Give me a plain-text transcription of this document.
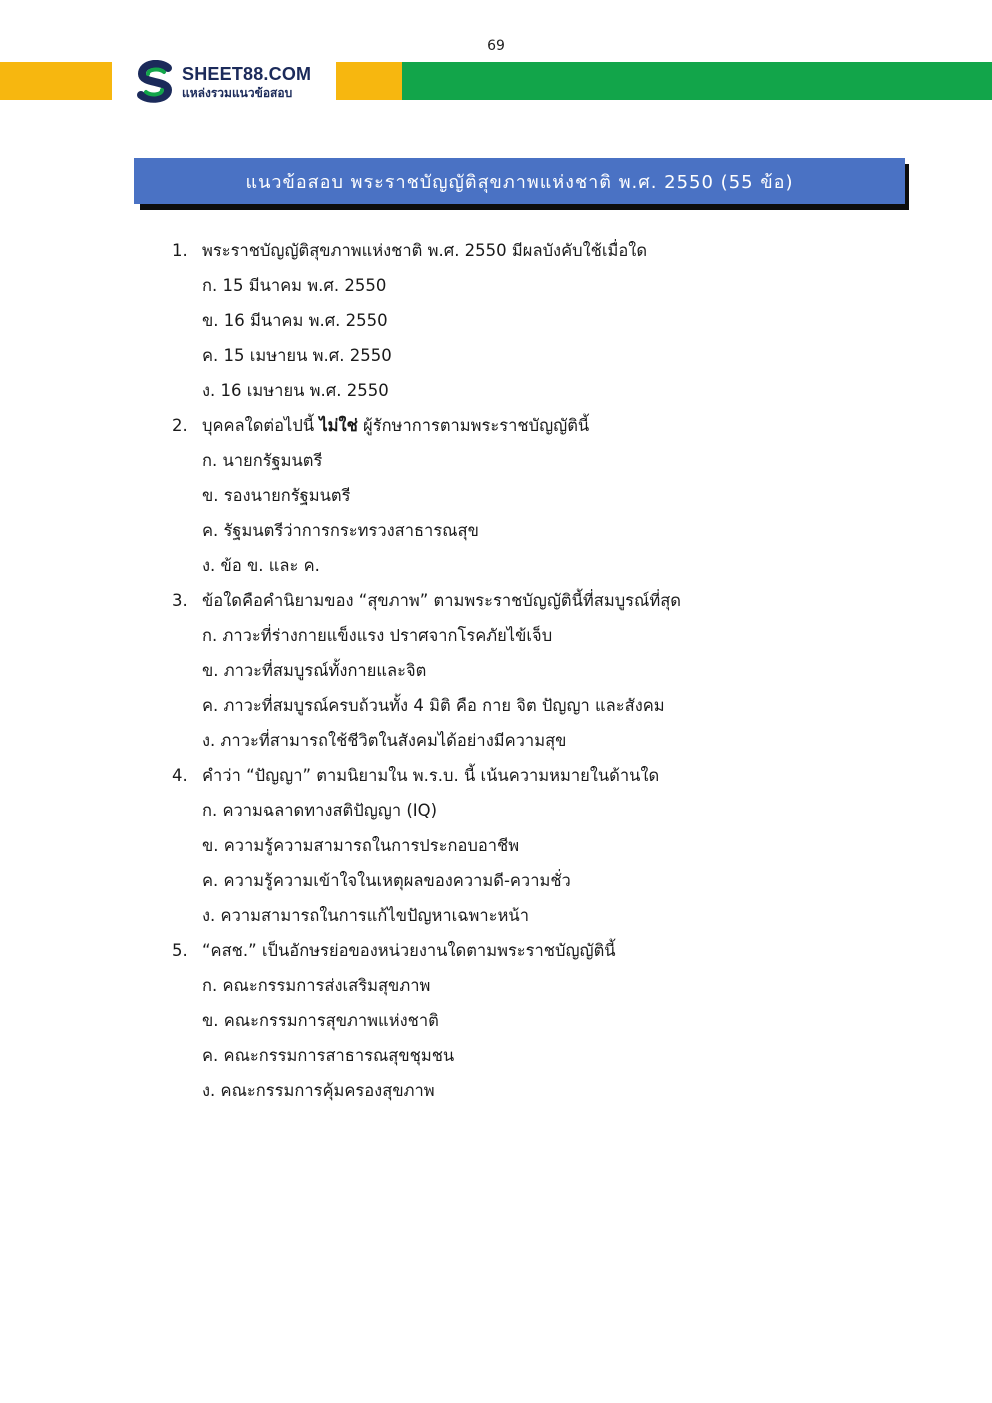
69
SHEET88.COM
แหล่งรวมแนวข้อสอบ
แนวข้อสอบ พระราชบัญญัติสุขภาพแห่งชาติ พ.ศ. 2550 (55 ข้อ)
1. พระราชบัญญัติสุขภาพแห่งชาติ พ.ศ. 2550 มีผลบังคับใช้เมื่อใด
ก. 15 มีนาคม พ.ศ. 2550
ข. 16 มีนาคม พ.ศ. 2550
ค. 15 เมษายน พ.ศ. 2550
ง. 16 เมษายน พ.ศ. 2550
2. บุคคลใดต่อไปนี้ ไม่ใช่ ผู้รักษาการตามพระราชบัญญัตินี้
ก. นายกรัฐมนตรี
ข. รองนายกรัฐมนตรี
ค. รัฐมนตรีว่าการกระทรวงสาธารณสุข
ง. ข้อ ข. และ ค.
3. ข้อใดคือคำนิยามของ “สุขภาพ” ตามพระราชบัญญัตินี้ที่สมบูรณ์ที่สุด
ก. ภาวะที่ร่างกายแข็งแรง ปราศจากโรคภัยไข้เจ็บ
ข. ภาวะที่สมบูรณ์ทั้งกายและจิต
ค. ภาวะที่สมบูรณ์ครบถ้วนทั้ง 4 มิติ คือ กาย จิต ปัญญา และสังคม
ง. ภาวะที่สามารถใช้ชีวิตในสังคมได้อย่างมีความสุข
4. คำว่า “ปัญญา” ตามนิยามใน พ.ร.บ. นี้ เน้นความหมายในด้านใด
ก. ความฉลาดทางสติปัญญา (IQ)
ข. ความรู้ความสามารถในการประกอบอาชีพ
ค. ความรู้ความเข้าใจในเหตุผลของความดี-ความชั่ว
ง. ความสามารถในการแก้ไขปัญหาเฉพาะหน้า
5. “คสช.” เป็นอักษรย่อของหน่วยงานใดตามพระราชบัญญัตินี้
ก. คณะกรรมการส่งเสริมสุขภาพ
ข. คณะกรรมการสุขภาพแห่งชาติ
ค. คณะกรรมการสาธารณสุขชุมชน
ง. คณะกรรมการคุ้มครองสุขภาพ
